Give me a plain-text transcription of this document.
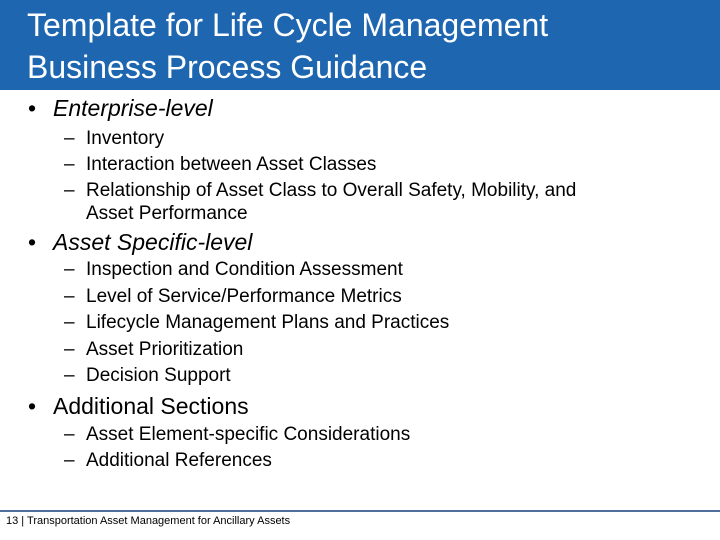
Template for Life Cycle Management
Business Process Guidance
• Enterprise-level
– Inventory
– Interaction between Asset Classes
– Relationship of Asset Class to Overall Safety, Mobility, and
Asset Performance
• Asset Specific-level
– Inspection and Condition Assessment
– Level of Service/Performance Metrics
– Lifecycle Management Plans and Practices
– Asset Prioritization
– Decision Support
• Additional Sections
– Asset Element-specific Considerations
– Additional References
13 | Transportation Asset Management for Ancillary Assets
